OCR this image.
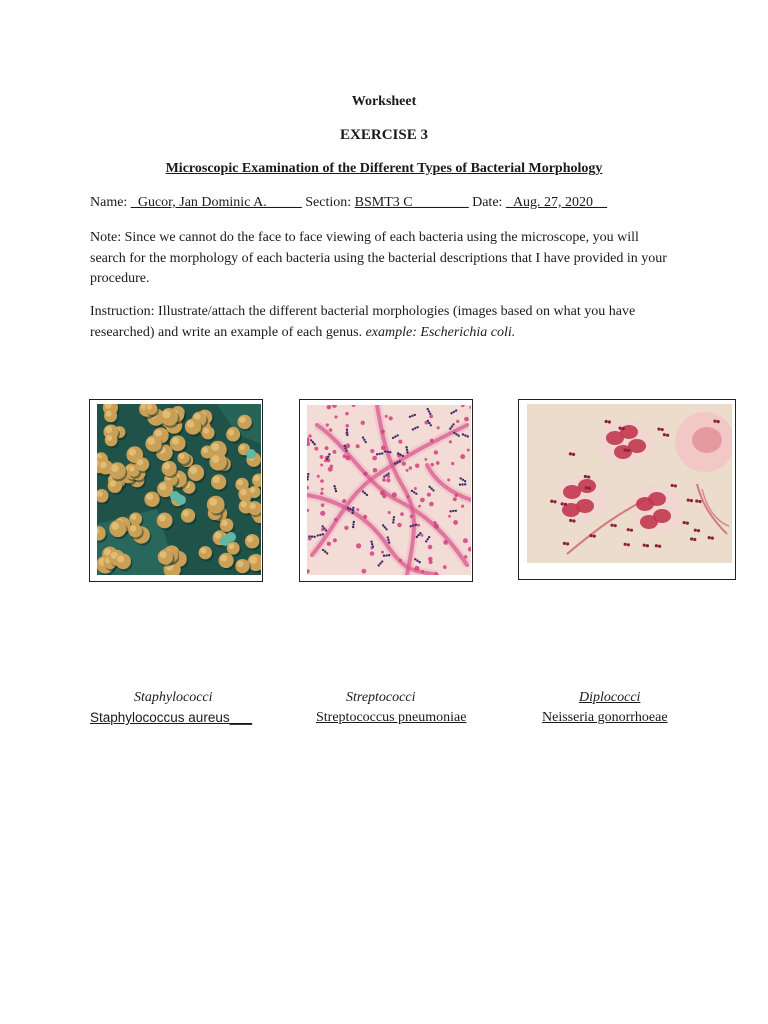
Worksheet
EXERCISE 3
Microscopic Examination of the Different Types of Bacterial Morphology
Name: _Gucor, Jan Dominic A._____ Section: BSMT3 C________ Date: _Aug. 27, 2020__
Note: Since we cannot do the face to face viewing of each bacteria using the microscope, you will search for the morphology of each bacteria using the bacterial descriptions that I have provided in your procedure.
Instruction: Illustrate/attach the different bacterial morphologies (images based on what you have researched) and write an example of each genus. example: Escherichia coli.
Staphylococci
Staphylococcus aureus___
Streptococci
Streptococcus pneumoniae
Diplococci
Neisseria gonorrhoeae
